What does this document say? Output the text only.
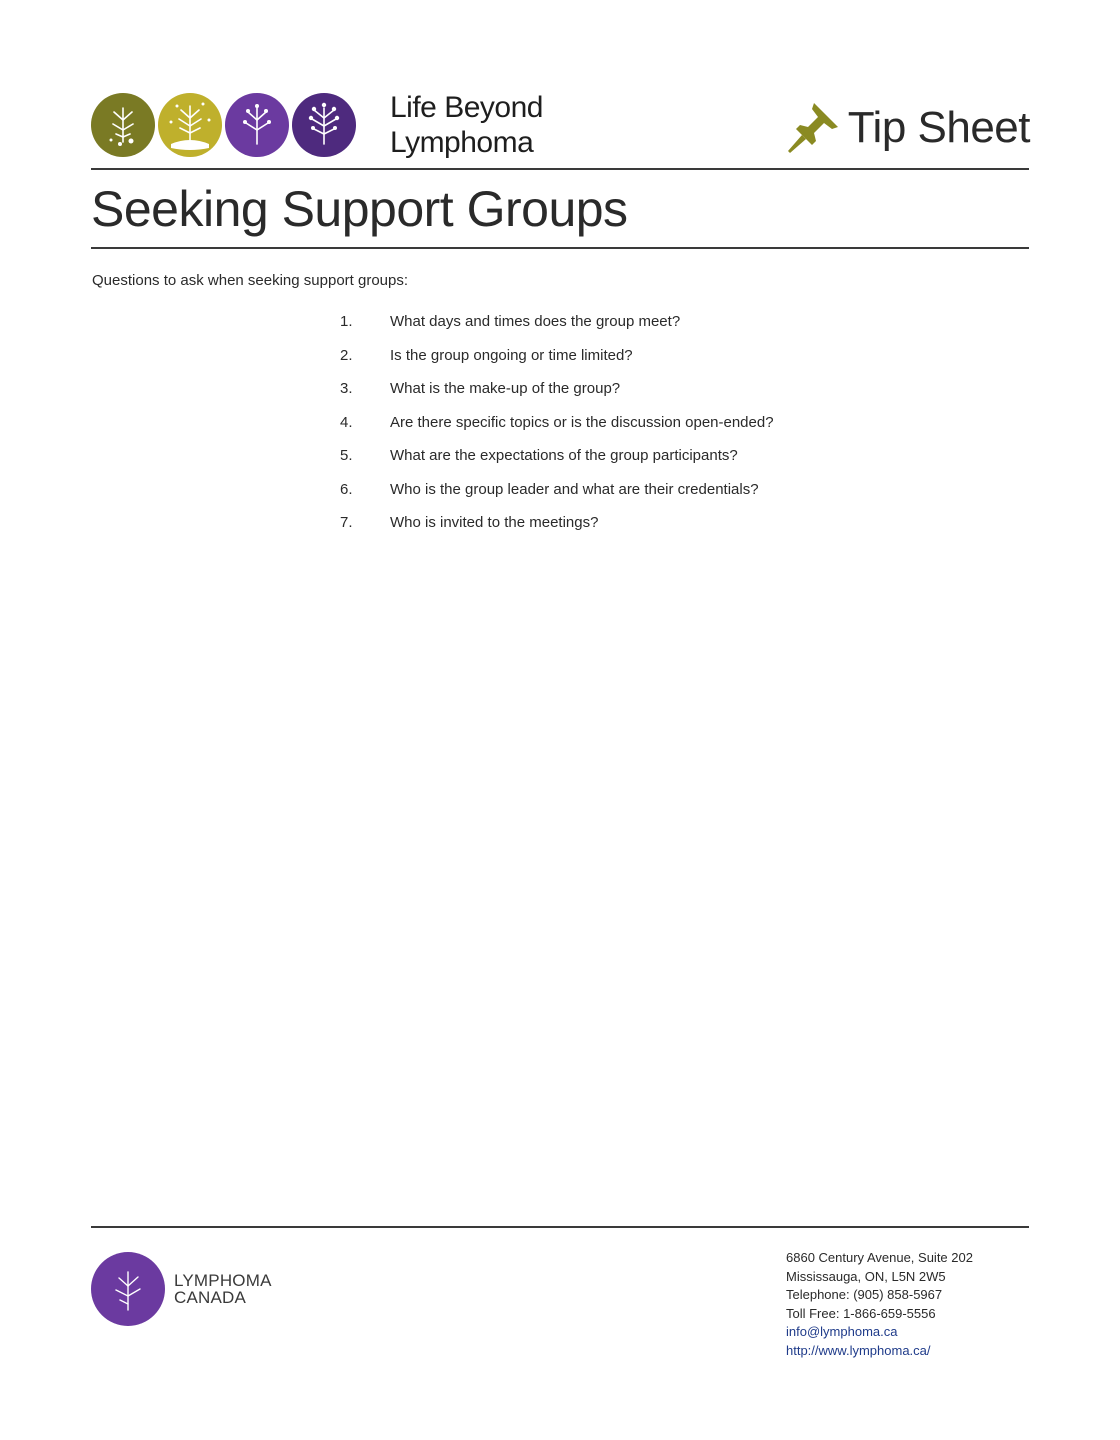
Life Beyond
Lymphoma	Tip Sheet
Seeking Support Groups

Questions to ask when seeking support groups:

1.	What days and times does the group meet?
2.	Is the group ongoing or time limited?
3.	What is the make-up of the group?
4.	Are there specific topics or is the discussion open-ended?
5.	What are the expectations of the group participants?
6.	Who is the group leader and what are their credentials?
7.	Who is invited to the meetings?
LYMPHOMA
CANADA
6860 Century Avenue, Suite 202
Mississauga, ON, L5N 2W5
Telephone: (905) 858-5967
Toll Free: 1-866-659-5556
info@lymphoma.ca
http://www.lymphoma.ca/
